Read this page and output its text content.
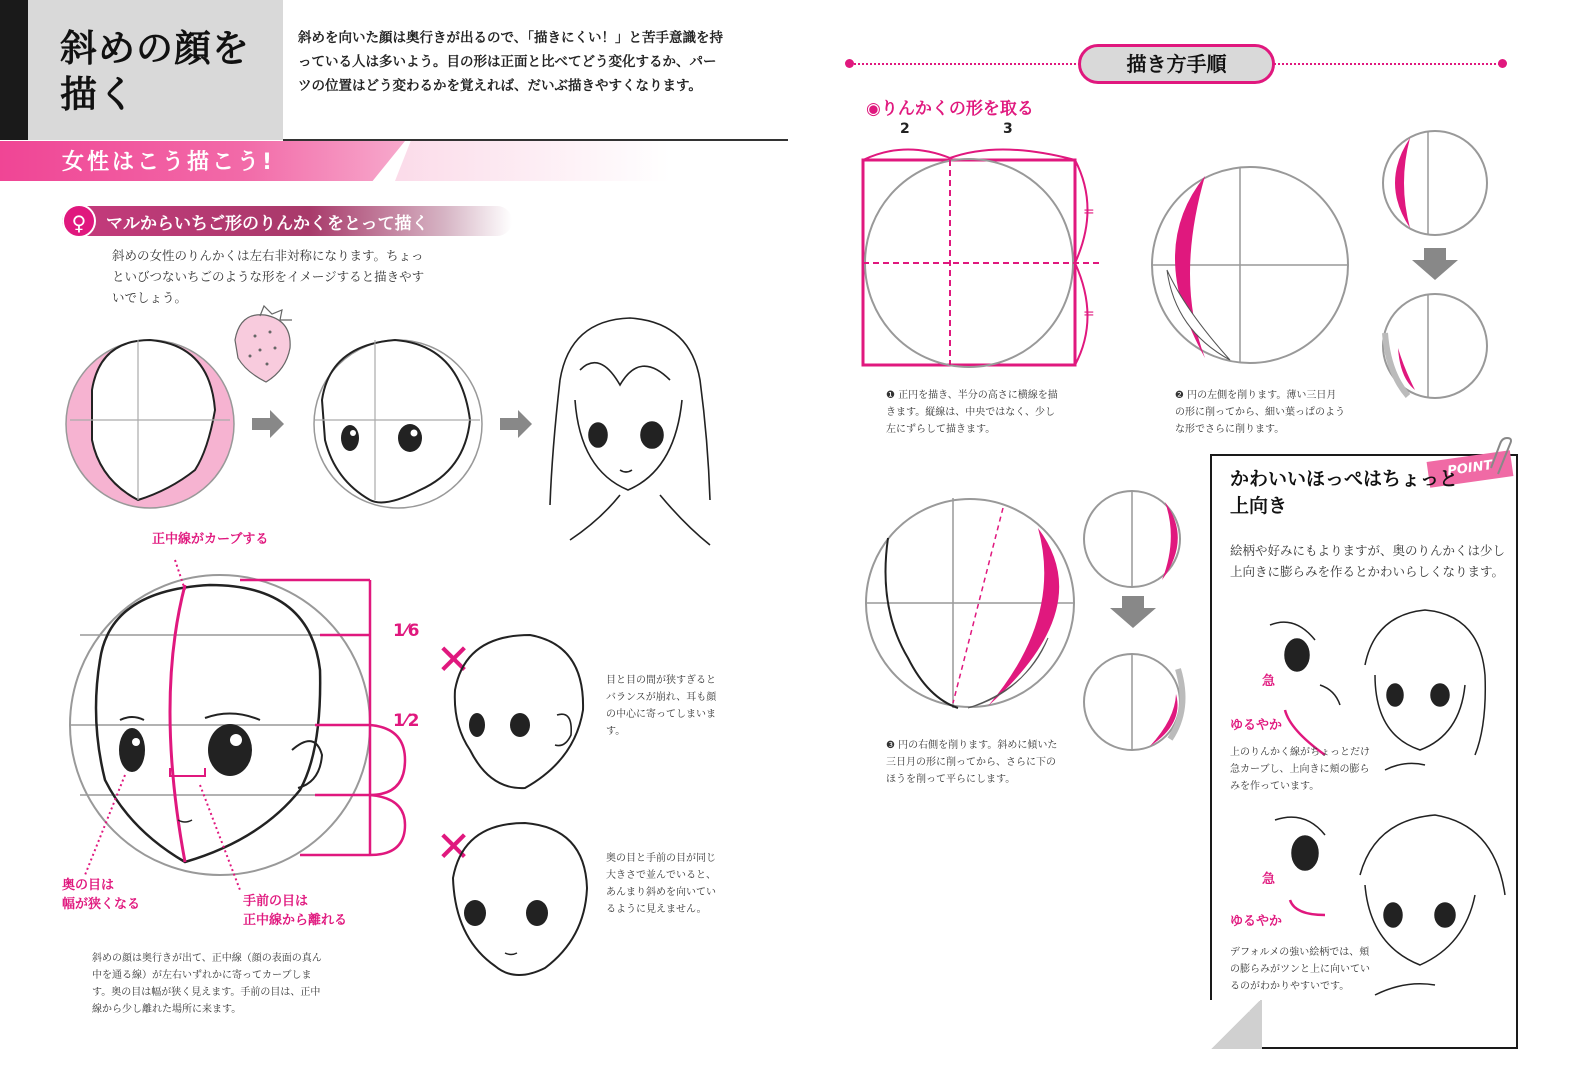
斜めの顔を描く
斜めを向いた顔は奥行きが出るので、「描きにくい！」と苦手意識を持っている人は多いよう。目の形は正面と比べてどう変化するか、パーツの位置はどう変わるかを覚えれば、だいぶ描きやすくなります。
女性はこう描こう!
♀	マルからいちご形のりんかくをとって描く
斜めの女性のりんかくは左右非対称になります。ちょっといびつないちごのような形をイメージすると描きやすいでしょう。
正中線がカーブする
1⁄6
1⁄2
奥の目は
幅が狭くなる	手前の目は
正中線から離れる
斜めの顔は奥行きが出て、正中線（顔の表面の真ん中を通る線）が左右いずれかに寄ってカーブします。奥の目は幅が狭く見えます。手前の目は、正中線から少し離れた場所に来ます。
✕
✕
目と目の間が狭すぎるとバランスが崩れ、耳も顔の中心に寄ってしまいます。
奥の目と手前の目が同じ大きさで並んでいると、あんまり斜めを向いているように見えません。
描き方手順
◉りんかくの形を取る
2	3
=
=
❶ 正円を描き、半分の高さに横線を描きます。縦線は、中央ではなく、少し左にずらして描きます。
❷ 円の左側を削ります。薄い三日月の形に削ってから、細い葉っぱのような形でさらに削ります。
❸ 円の右側を削ります。斜めに傾いた三日月の形に削ってから、さらに下のほうを削って平らにします。
POINT
かわいいほっぺはちょっと上向き
絵柄や好みにもよりますが、奥のりんかくは少し上向きに膨らみを作るとかわいらしくなります。
急
ゆるやか
上のりんかく線がちょっとだけ急カーブし、上向きに頬の膨らみを作っています。
急
ゆるやか
デフォルメの強い絵柄では、頬の膨らみがツンと上に向いているのがわかりやすいです。
